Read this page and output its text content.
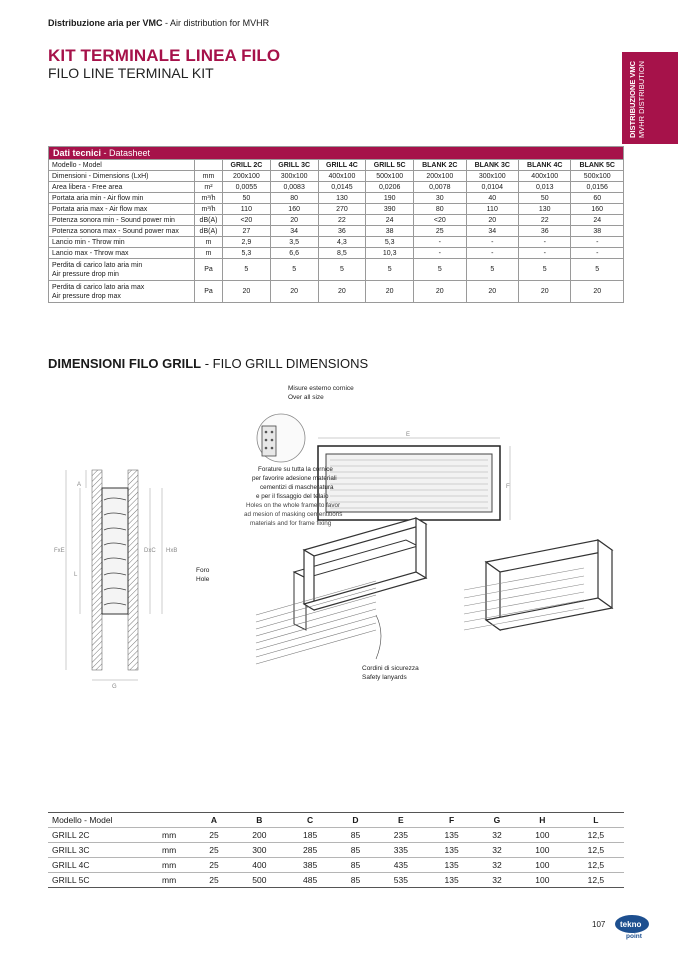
Distribuzione aria per VMC - Air distribution for MVHR
KIT TERMINALE LINEA FILO
FILO LINE TERMINAL KIT	DISTRIBUZIONE VMC MVHR DISTRIBUTION
Dati tecnici - Datasheet									
Modello - Model		GRILL 2C	GRILL 3C	GRILL 4C	GRILL 5C	BLANK 2C	BLANK 3C	BLANK 4C	BLANK 5C
Dimensioni - Dimensions (LxH)	mm	200x100	300x100	400x100	500x100	200x100	300x100	400x100	500x100
Area libera - Free area	m²	0,0055	0,0083	0,0145	0,0206	0,0078	0,0104	0,013	0,0156
Portata aria min - Air flow min	m³/h	50	80	130	190	30	40	50	60
Portata aria max - Air flow max	m³/h	110	160	270	390	80	110	130	160
Potenza sonora min - Sound power min	dB(A)	<20	20	22	24	<20	20	22	24
Potenza sonora max - Sound power max	dB(A)	27	34	36	38	25	34	36	38
Lancio min - Throw min	m	2,9	3,5	4,3	5,3	-	-	-	-
Lancio max - Throw max	m	5,3	6,6	8,5	10,3	-	-	-	-

Perdita di carico lato aria min
Air pressure drop min	Pa	5	5	5	5	5	5	5	5

Perdita di carico lato aria max
Air pressure drop max	Pa	20	20	20	20	20	20	20	20
DIMENSIONI FILO GRILL - FILO GRILL DIMENSIONS
A
FxE
L
DxC HxB
G
Foro
Hole
Misure esterno cornice
Over all size
E
F
Forature su tutta la cornice
per favorire adesione materiali
cementizi di mascheratura
e per il fissaggio del telaio
Holes on the whole frame to favor
ad mesion of masking cementitions
materials and for frame fixing
Cordini di sicurezza
Safety lanyards
Modello - Model		A	B	C	D	E	F	G	H	L
GRILL 2C	mm	25	200	185	85	235	135	32	100	12,5
GRILL 3C	mm	25	300	285	85	335	135	32	100	12,5
GRILL 4C	mm	25	400	385	85	435	135	32	100	12,5
GRILL 5C	mm	25	500	485	85	535	135	32	100	12,5
107 tekno
point
